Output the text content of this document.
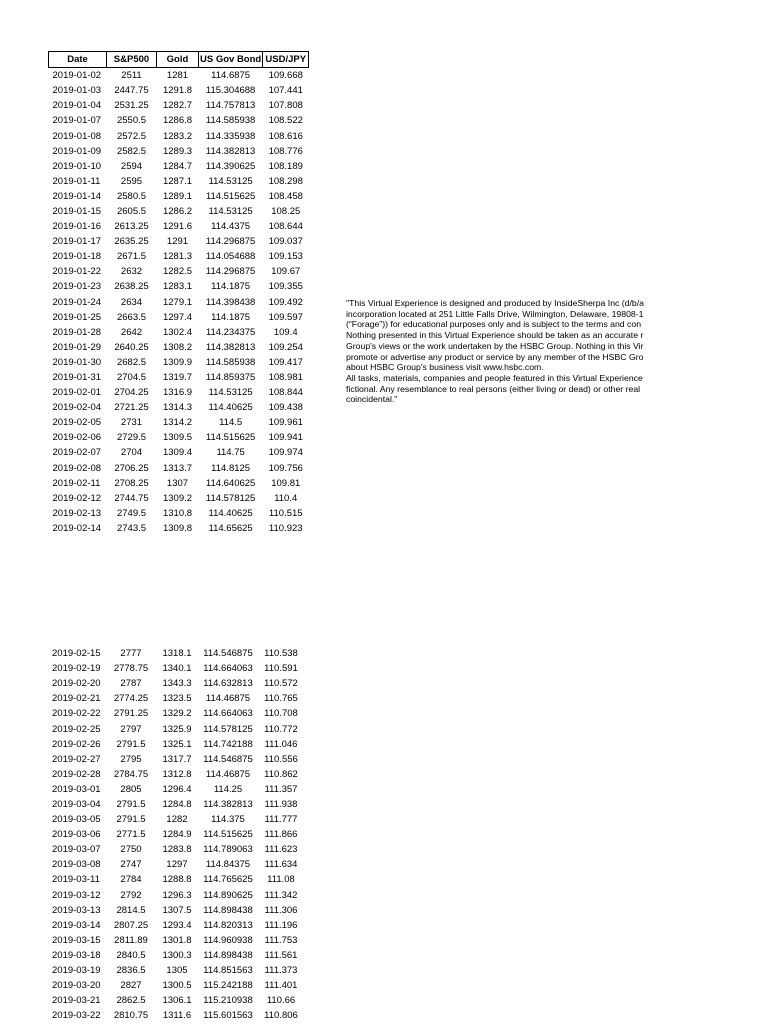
Date	S&P500	Gold	US Gov Bond	USD/JPY
2019-01-02	2511	1281	114.6875	109.668
2019-01-03	2447.75	1291.8	115.304688	107.441
2019-01-04	2531.25	1282.7	114.757813	107.808
2019-01-07	2550.5	1286.8	114.585938	108.522
2019-01-08	2572.5	1283.2	114.335938	108.616
2019-01-09	2582.5	1289.3	114.382813	108.776
2019-01-10	2594	1284.7	114.390625	108.189
2019-01-11	2595	1287.1	114.53125	108.298
2019-01-14	2580.5	1289.1	114.515625	108.458
2019-01-15	2605.5	1286.2	114.53125	108.25
2019-01-16	2613.25	1291.6	114.4375	108.644
2019-01-17	2635.25	1291	114.296875	109.037
2019-01-18	2671.5	1281.3	114.054688	109.153
2019-01-22	2632	1282.5	114.296875	109.67
2019-01-23	2638.25	1283.1	114.1875	109.355
2019-01-24	2634	1279.1	114.398438	109.492
2019-01-25	2663.5	1297.4	114.1875	109.597
2019-01-28	2642	1302.4	114.234375	109.4
2019-01-29	2640.25	1308.2	114.382813	109.254
2019-01-30	2682.5	1309.9	114.585938	109.417
2019-01-31	2704.5	1319.7	114.859375	108.981
2019-02-01	2704.25	1316.9	114.53125	108.844
2019-02-04	2721.25	1314.3	114.40625	109.438
2019-02-05	2731	1314.2	114.5	109.961
2019-02-06	2729.5	1309.5	114.515625	109.941
2019-02-07	2704	1309.4	114.75	109.974
2019-02-08	2706.25	1313.7	114.8125	109.756
2019-02-11	2708.25	1307	114.640625	109.81
2019-02-12	2744.75	1309.2	114.578125	110.4
2019-02-13	2749.5	1310.8	114.40625	110.515
2019-02-14	2743.5	1309.8	114.65625	110.923
"This Virtual Experience is designed and produced by InsideSherpa Inc (d/b/a
incorporation located at 251 Little Falls Drive, Wilmington, Delaware, 19808-1
(“Forage”)) for educational purposes only and is subject to the terms and con
Nothing presented in this Virtual Experience should be taken as an accurate r
Group's views or the work undertaken by the HSBC Group. Nothing in this Vir
promote or advertise any product or service by any member of the HSBC Gro
about HSBC Group's business visit www.hsbc.com.
All tasks, materials, companies and people featured in this Virtual Experience
fictional. Any resemblance to real persons (either living or dead) or other real
coincidental."
2019-02-15	2777	1318.1	114.546875	110.538
2019-02-19	2778.75	1340.1	114.664063	110.591
2019-02-20	2787	1343.3	114.632813	110.572
2019-02-21	2774.25	1323.5	114.46875	110.765
2019-02-22	2791.25	1329.2	114.664063	110.708
2019-02-25	2797	1325.9	114.578125	110.772
2019-02-26	2791.5	1325.1	114.742188	111.046
2019-02-27	2795	1317.7	114.546875	110.556
2019-02-28	2784.75	1312.8	114.46875	110.862
2019-03-01	2805	1296.4	114.25	111.357
2019-03-04	2791.5	1284.8	114.382813	111.938
2019-03-05	2791.5	1282	114.375	111.777
2019-03-06	2771.5	1284.9	114.515625	111.866
2019-03-07	2750	1283.8	114.789063	111.623
2019-03-08	2747	1297	114.84375	111.634
2019-03-11	2784	1288.8	114.765625	111.08
2019-03-12	2792	1296.3	114.890625	111.342
2019-03-13	2814.5	1307.5	114.898438	111.306
2019-03-14	2807.25	1293.4	114.820313	111.196
2019-03-15	2811.89	1301.8	114.960938	111.753
2019-03-18	2840.5	1300.3	114.898438	111.561
2019-03-19	2836.5	1305	114.851563	111.373
2019-03-20	2827	1300.5	115.242188	111.401
2019-03-21	2862.5	1306.1	115.210938	110.66
2019-03-22	2810.75	1311.6	115.601563	110.806
